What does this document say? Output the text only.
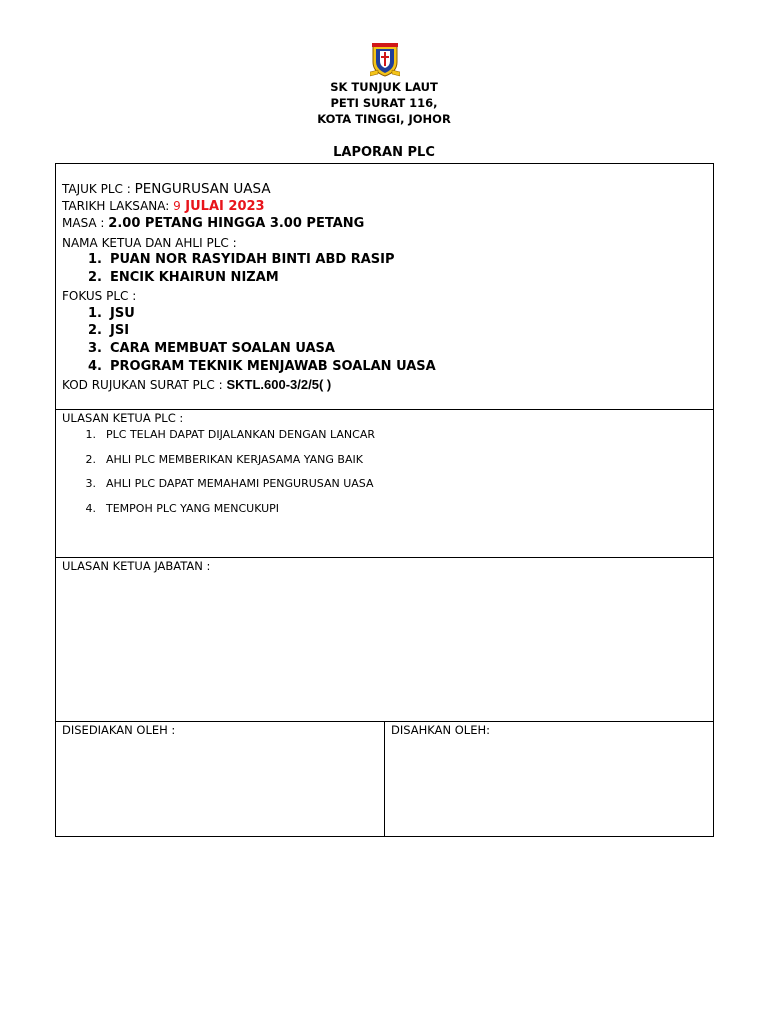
SK TUNJUK LAUT
PETI SURAT 116,
KOTA TINGGI, JOHOR
LAPORAN PLC
TAJUK PLC : PENGURUSAN UASA
TARIKH LAKSANA: 9 JULAI 2023
MASA : 2.00 PETANG HINGGA 3.00 PETANG
NAMA KETUA DAN AHLI PLC :
1. PUAN NOR RASYIDAH BINTI ABD RASIP
2. ENCIK KHAIRUN NIZAM
FOKUS PLC :
1. JSU
2. JSI
3. CARA MEMBUAT SOALAN UASA
4. PROGRAM TEKNIK MENJAWAB SOALAN UASA
KOD RUJUKAN SURAT PLC : SKTL.600-3/2/5( )
ULASAN KETUA PLC :
1. PLC TELAH DAPAT DIJALANKAN DENGAN LANCAR
2. AHLI PLC MEMBERIKAN KERJASAMA YANG BAIK
3. AHLI PLC DAPAT MEMAHAMI PENGURUSAN UASA
4. TEMPOH PLC YANG MENCUKUPI
ULASAN KETUA JABATAN :
DISEDIAKAN OLEH :	DISAHKAN OLEH:
